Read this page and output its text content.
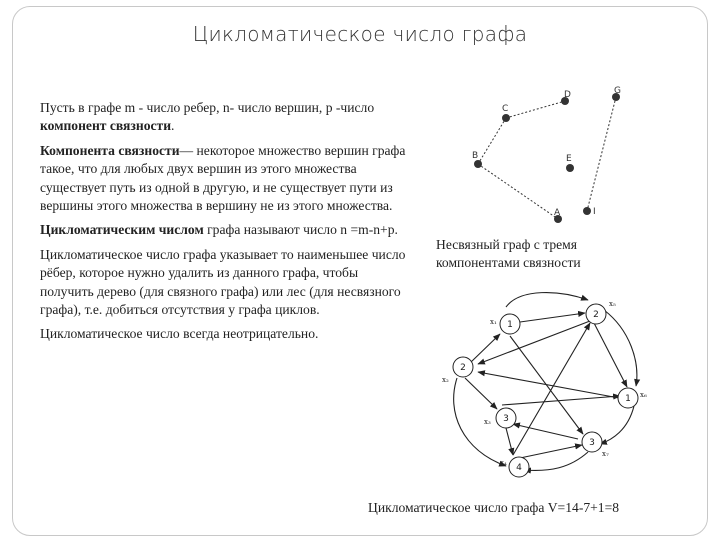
Цикломатическое число графа

Пусть в графе m - число ребер, n- число вершин, p -число компонент связности.

Компонента связности— некоторое множество вершин графа такое, что для любых двух вершин из этого множества существует путь из одной в другую, и не существует пути из вершины этого множества в вершину не из этого множества.

Цикломатическим числом графа называют число n =m-n+p.

Цикломатическое число графа указывает то наименьшее число рёбер, которое нужно удалить из данного графа, чтобы получить дерево (для связного графа) или лес (для несвязного графа), т.е. добиться отсутствия у графа циклов.

Цикломатическое число всегда неотрицательно.

A
B
C
D
E
G
I
Несвязный граф с тремя компонентами связности
1
2
3
4
2
1
3
x₁
x₂
x₃
x₄
x₅
x₆
x₇
Цикломатическое число графа V=14-7+1=8
